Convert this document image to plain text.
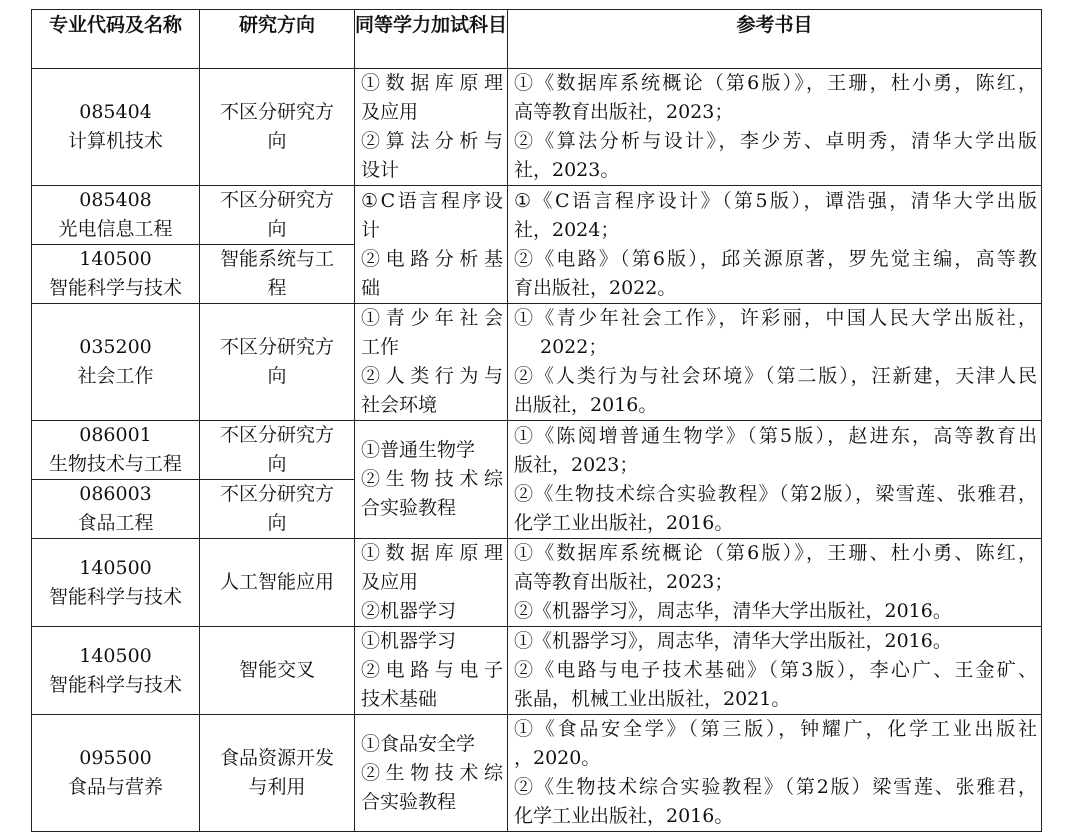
专业代码及名称	研究方向	同等学力加试科目	参考书目

085404
计算机技术	不区分研究方
向	①数据库原理
及应用
②算法分析与
设计	①《数据库系统概论（第6版）》，王珊，杜小勇，陈红，
高等教育出版社，2023；
②《算法分析与设计》，李少芳、卓明秀，清华大学出版
社，2023。

085408
光电信息工程	不区分研究方
向	①C语言程序设
计
②电路分析基
础	①《C语言程序设计》（第5版），谭浩强，清华大学出版
社，2024；
②《电路》（第6版），邱关源原著，罗先觉主编，高等教
育出版社，2022。

140500
智能科学与技术	智能系统与工
程		

035200
社会工作	不区分研究方
向	①青少年社会
工作
②人类行为与
社会环境	①《青少年社会工作》，许彩丽，中国人民大学出版社，
2022；
②《人类行为与社会环境》（第二版），汪新建，天津人民
出版社，2016。

086001
生物技术与工程	不区分研究方
向	①普通生物学
②生物技术综
合实验教程	①《陈阅增普通生物学》（第5版），赵进东，高等教育出
版社，2023；
②《生物技术综合实验教程》（第2版），梁雪莲、张雅君，
化学工业出版社，2016。

086003
食品工程	不区分研究方
向		

140500
智能科学与技术	人工智能应用	①数据库原理
及应用
②机器学习	①《数据库系统概论（第6版）》，王珊、杜小勇、陈红，
高等教育出版社，2023；
②《机器学习》，周志华，清华大学出版社，2016。

140500
智能科学与技术	智能交叉	①机器学习
②电路与电子
技术基础	①《机器学习》，周志华，清华大学出版社，2016。
②《电路与电子技术基础》（第3版），李心广、王金矿、
张晶，机械工业出版社，2021。

095500
食品与营养	食品资源开发
与利用	①食品安全学
②生物技术综
合实验教程	①《食品安全学》（第三版），钟耀广，化学工业出版社
，2020。
②《生物技术综合实验教程》（第2版）梁雪莲、张雅君，
化学工业出版社，2016。
